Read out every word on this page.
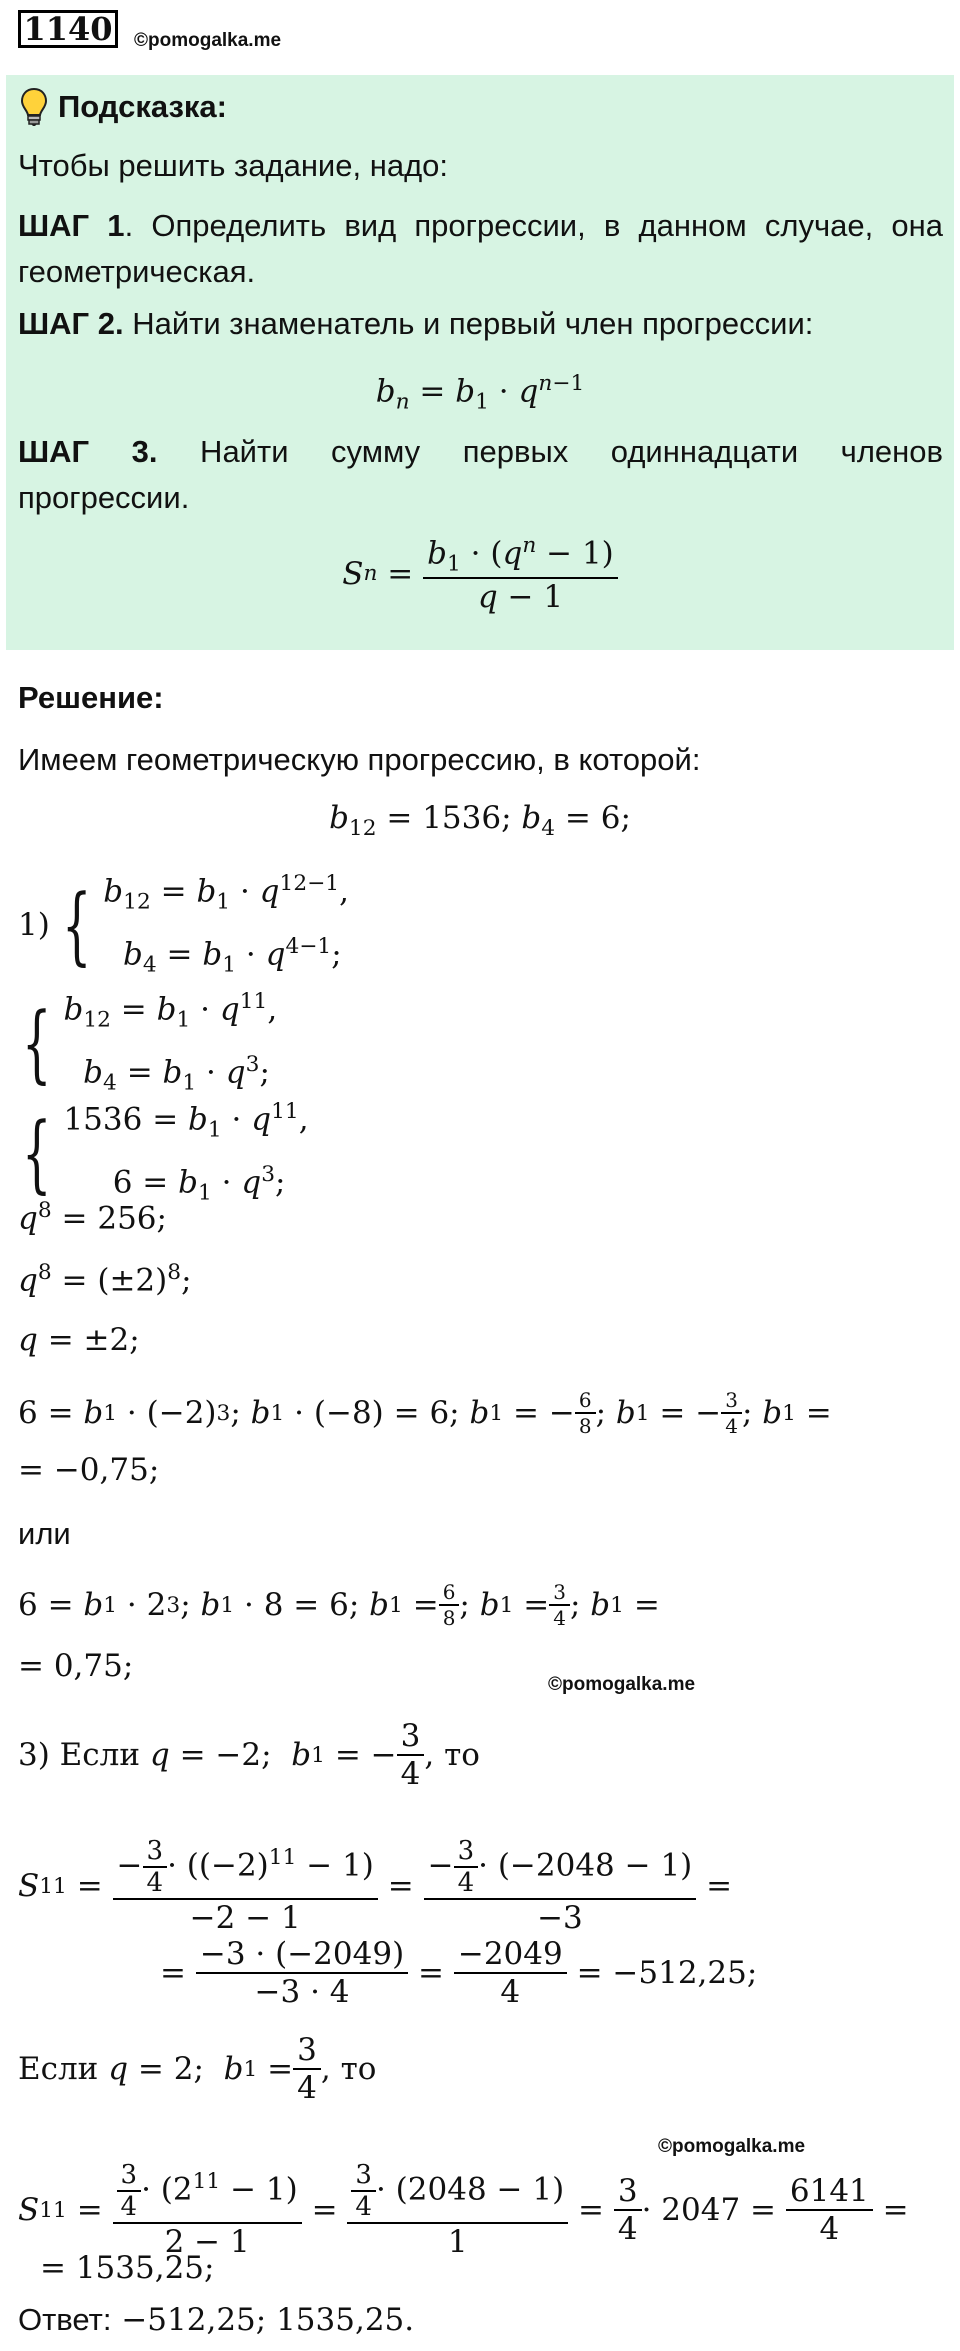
1140 ©pomogalka.me
Подсказка:
Чтобы решить задание, надо:
ШАГ 1. Определить вид прогрессии, в данном случае, она геометрическая.
ШАГ 2. Найти знаменатель и первый член прогрессии:
$b_n = b_1 \cdot q^{n-1}$
ШАГ 3. Найти сумму первых одиннадцати членов прогрессии.
S $n = \frac{b_1 \cdot (q^n - 1)}{q - 1}$
Решение:
Имеем геометрическую прогрессию, в которой:
$b_{12} = 1536$; $b_4 = 6$;
1) { $b_{12} = b_1 \cdot q^{12-1}$,
$b_4 = b_1 \cdot q^{4-1}$;
{ $b_{12} = b_1 \cdot q^{11}$,
$b_4 = b_1 \cdot q^3$;
{ $1536 = b_1 \cdot q^{11}$,
$6 = b_1 \cdot q^3$;
$q^8 = 256$;
$q^8 = (\pm 2)^8$;
q = ±2;
6 = b 1 · (−2) 3 ; b 1 · (−8) = 6; b 1 = − $\frac{6}{8}$ ; b 1 = − $\frac{3}{4}$ ; b 1 =
= −0,75;
или
6 = b 1 · 2 3 ; b 1 · 8 = 6; b $1 = \frac{6}{8}$ ; b $1 = \frac{3}{4}$ ; b 1 =
= 0,75;
©pomogalka.me
3) Если
q = −2; b 1 = − $\frac{3}{4}$ , то
S $11 = \frac{- \frac{3}{4} \cdot ((-2)^{11} - 1)}{-2 - 1} = \frac{- \frac{3}{4} \cdot (-2048 - 1)}{-3}$ =
= $\frac{-3 \cdot (-2049)}{-3 \cdot 4} = \frac{-2049}{4} = -512,25$;
Если
q = 2; b $1 = \frac{3}{4}$ , то
©pomogalka.me
S $11 = \frac{\frac{3}{4} \cdot (2^{11} - 1)}{2 - 1} = \frac{\frac{3}{4} \cdot (2048 - 1)}{1} = \frac{3}{4} \cdot 2047 = \frac{6141}{4}$ =
= 1535,25;
Ответ: −512,25; 1535,25.
